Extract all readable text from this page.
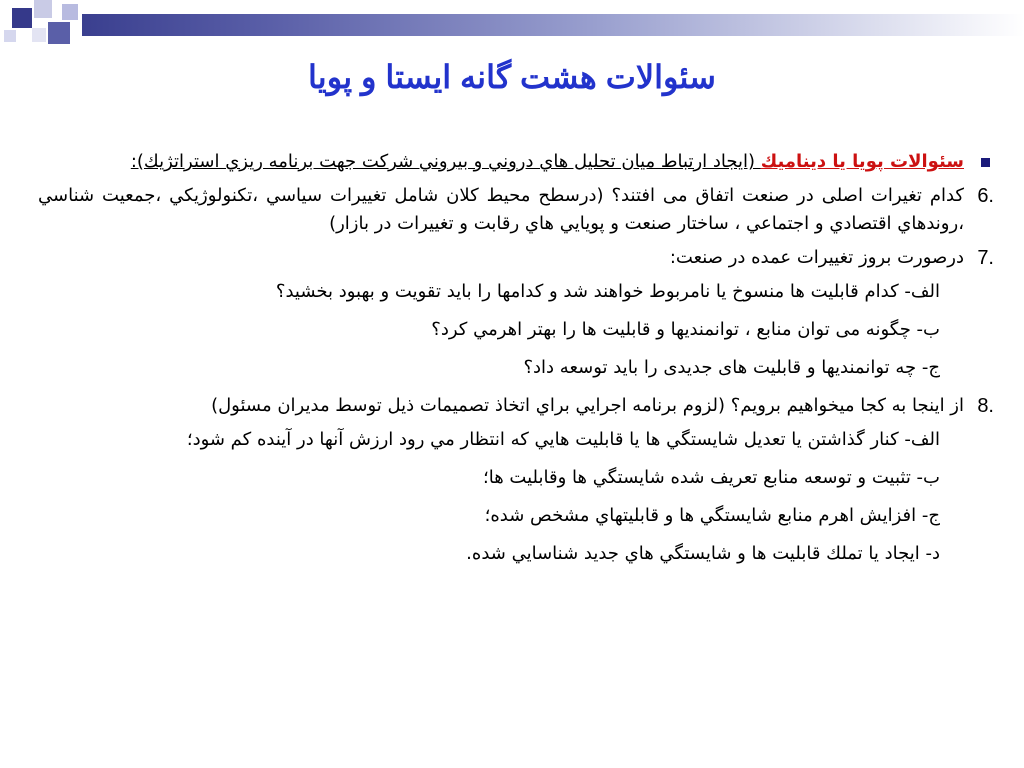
سئوالات هشت گانه ایستا و پویا
سئوالات پويا يا ديناميك (ايجاد ارتباط ميان تحليل هاي دروني و بيروني شركت جهت برنامه ريزي استراتژيك):
6.
كدام تغيرات اصلی در صنعت اتفاق می افتند؟ (درسطح محيط كلان شامل تغييرات سياسي ،تكنولوژيكي ،جمعيت شناسي ،روندهاي اقتصادي و اجتماعي ، ساختار صنعت و پويايي هاي رقابت و تغييرات در بازار)
7.
درصورت بروز تغييرات عمده در صنعت:
الف- كدام قابليت ها منسوخ يا نامربوط خواهند شد و كدامها را بايد تقويت و بهبود بخشيد؟
ب- چگونه می توان منابع ، توانمنديها و قابليت ها را بهتر اهرمي كرد؟
ج- چه توانمنديها و قابليت های جديدی را بايد توسعه داد؟
8.
از اينجا به كجا ميخواهيم برويم؟ (لزوم برنامه اجرايي براي اتخاذ تصميمات ذيل توسط مديران مسئول)
الف- كنار گذاشتن يا تعديل شايستگي ها يا قابليت هايي كه انتظار مي رود ارزش آنها در آينده كم شود؛
ب- تثبيت و توسعه منابع تعريف شده شايستگي ها وقابليت ها؛
ج- افزايش اهرم منابع شايستگي ها و قابليتهاي مشخص شده؛
د- ايجاد يا تملك قابليت ها و شايستگي هاي جديد شناسايي شده.
